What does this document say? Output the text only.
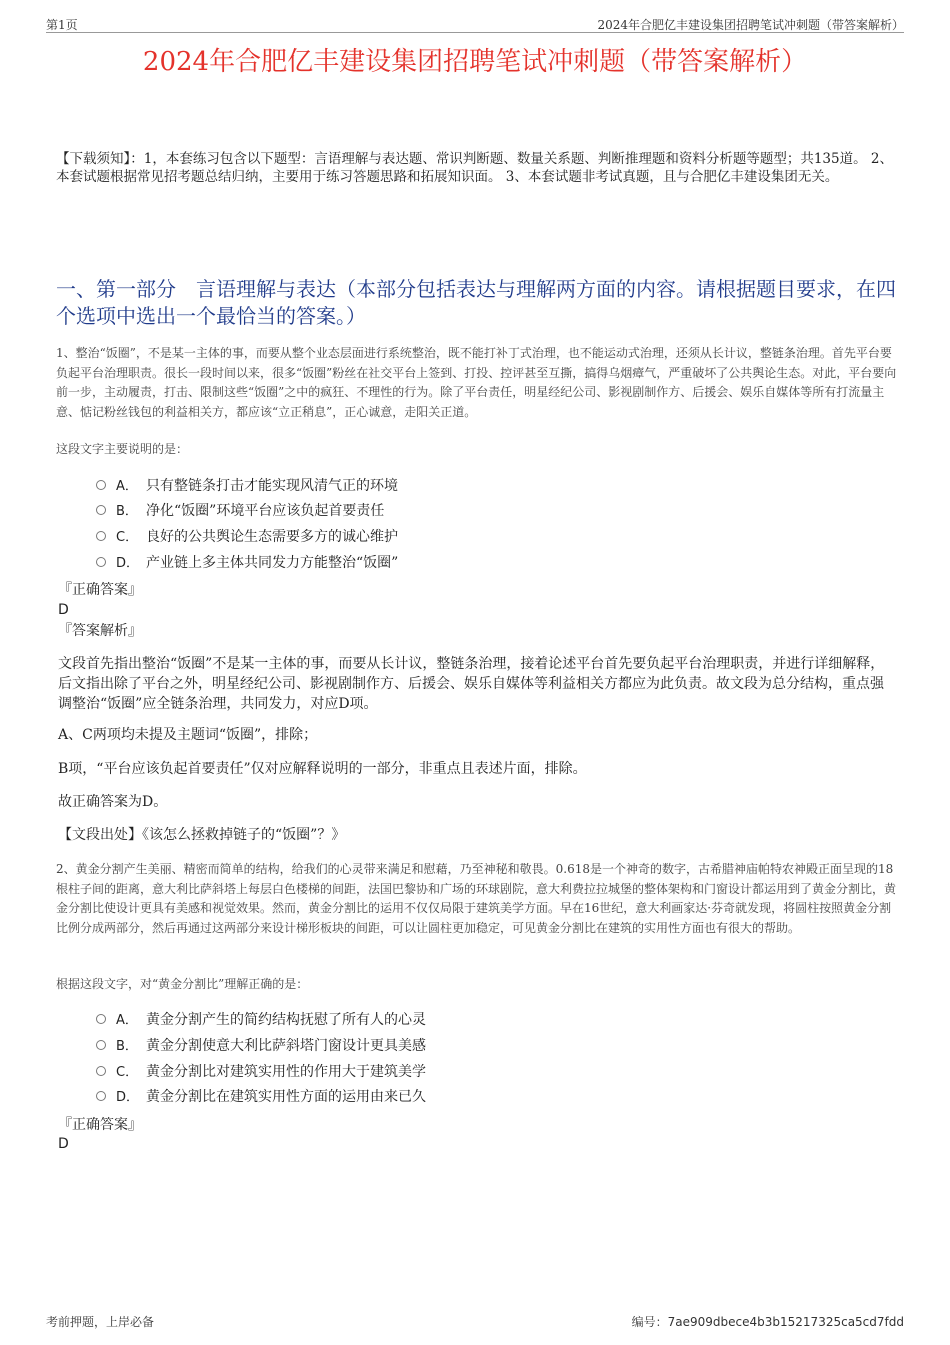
第1页	2024年合肥亿丰建设集团招聘笔试冲刺题（带答案解析）
2024年合肥亿丰建设集团招聘笔试冲刺题（带答案解析）
【下载须知】：1，本套练习包含以下题型：言语理解与表达题、常识判断题、数量关系题、判断推理题和资料分析题等题型；共135道。 2、本套试题根据常见招考题总结归纳，主要用于练习答题思路和拓展知识面。 3、本套试题非考试真题，且与合肥亿丰建设集团无关。
一、第一部分　言语理解与表达（本部分包括表达与理解两方面的内容。请根据题目要求，在四个选项中选出一个最恰当的答案。）
1、整治“饭圈”，不是某一主体的事，而要从整个业态层面进行系统整治，既不能打补丁式治理，也不能运动式治理，还须从长计议，整链条治理。首先平台要负起平台治理职责。很长一段时间以来，很多“饭圈”粉丝在社交平台上签到、打投、控评甚至互撕，搞得乌烟瘴气，严重破坏了公共舆论生态。对此，平台要向前一步，主动履责，打击、限制这些“饭圈”之中的疯狂、不理性的行为。除了平台责任，明星经纪公司、影视剧制作方、后援会、娱乐自媒体等所有打流量主意、惦记粉丝钱包的利益相关方，都应该“立正稍息”，正心诚意，走阳关正道。
这段文字主要说明的是：
A． 只有整链条打击才能实现风清气正的环境
B． 净化“饭圈”环境平台应该负起首要责任
C． 良好的公共舆论生态需要多方的诚心维护
D． 产业链上多主体共同发力方能整治“饭圈”
『正确答案』
D
『答案解析』
文段首先指出整治“饭圈”不是某一主体的事，而要从长计议，整链条治理，接着论述平台首先要负起平台治理职责，并进行详细解释，后文指出除了平台之外，明星经纪公司、影视剧制作方、后援会、娱乐自媒体等利益相关方都应为此负责。故文段为总分结构，重点强调整治“饭圈”应全链条治理，共同发力，对应D项。
A、C两项均未提及主题词“饭圈”，排除；
B项，“平台应该负起首要责任”仅对应解释说明的一部分，非重点且表述片面，排除。
故正确答案为D。
【文段出处】《该怎么拯救掉链子的“饭圈”？》
2、黄金分割产生美丽、精密而简单的结构，给我们的心灵带来满足和慰藉，乃至神秘和敬畏。0.618是一个神奇的数字，古希腊神庙帕特农神殿正面呈现的18根柱子间的距离，意大利比萨斜塔上每层白色楼梯的间距，法国巴黎协和广场的环球剧院，意大利费拉拉城堡的整体架构和门窗设计都运用到了黄金分割比，黄金分割比使设计更具有美感和视觉效果。然而，黄金分割比的运用不仅仅局限于建筑美学方面。早在16世纪，意大利画家达·芬奇就发现，将圆柱按照黄金分割比例分成两部分，然后再通过这两部分来设计梯形板块的间距，可以让圆柱更加稳定，可见黄金分割比在建筑的实用性方面也有很大的帮助。
根据这段文字，对“黄金分割比”理解正确的是：
A． 黄金分割产生的简约结构抚慰了所有人的心灵
B． 黄金分割使意大利比萨斜塔门窗设计更具美感
C． 黄金分割比对建筑实用性的作用大于建筑美学
D． 黄金分割比在建筑实用性方面的运用由来已久
『正确答案』
D
考前押题，上岸必备	编号：7ae909dbece4b3b15217325ca5cd7fdd
